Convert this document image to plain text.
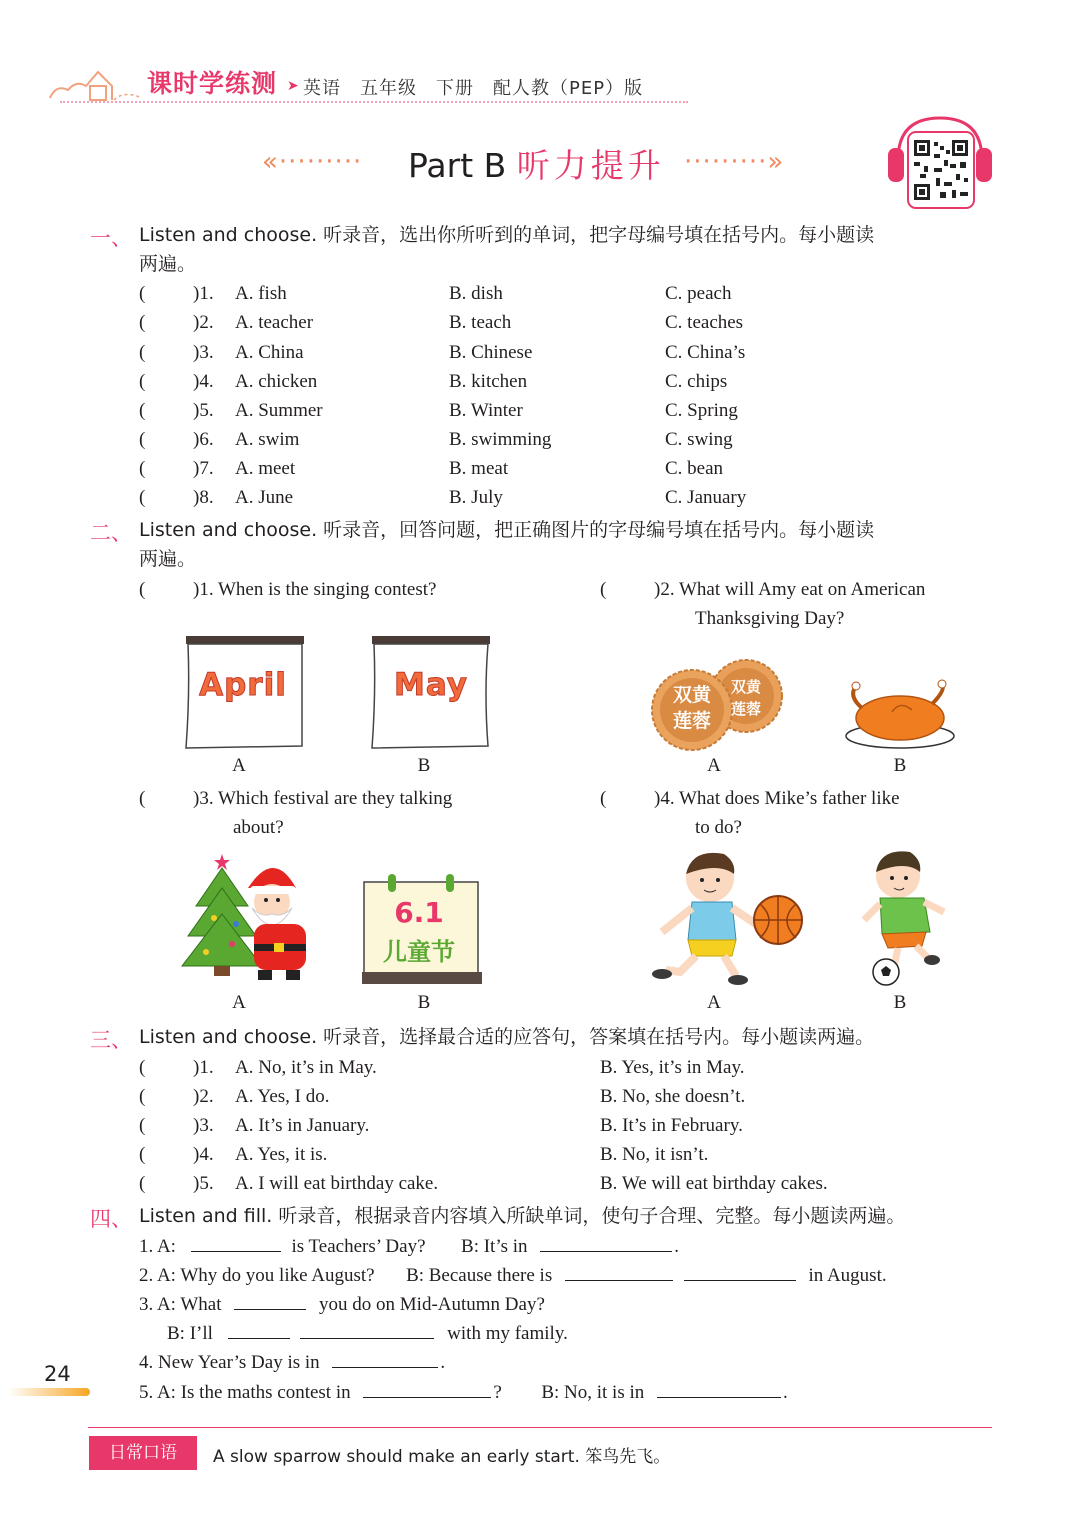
课时学练测 ➤ 英语　五年级　下册　配人教（PEP）版
«········· Part B 听力提升 ·········»
一、 Listen and choose. 听录音，选出你所听到的单词，把字母编号填在括号内。每小题读
两遍。
(	)1. A. fish	B. dish	C. peach
(	)2. A. teacher	B. teach	C. teaches
(	)3. A. China	B. Chinese	C. China’s
(	)4. A. chicken	B. kitchen	C. chips
(	)5. A. Summer	B. Winter	C. Spring
(	)6. A. swim	B. swimming	C. swing
(	)7. A. meet	B. meat	C. bean
(	)8. A. June	B. July	C. January
二、 Listen and choose. 听录音，回答问题，把正确图片的字母编号填在括号内。每小题读
两遍。
(	)1. When is the singing contest?	(	)2. What will Amy eat on American
Thanksgiving Day?
April	May	双黄莲蓉
双黄莲蓉
A	B	A	B
(	)3. Which festival are they talking
about?
(	)4. What does Mike’s father like
to do?
6.1
儿童节
A	B	A	B
三、 Listen and choose. 听录音，选择最合适的应答句，答案填在括号内。每小题读两遍。
(	)1. A. No, it’s in May.	B. Yes, it’s in May.
(	)2. A. Yes, I do.	B. No, she doesn’t.
(	)3. A. It’s in January.	B. It’s in February.
(	)4. A. Yes, it is.	B. No, it isn’t.
(	)5. A. I will eat birthday cake.	B. We will eat birthday cakes.
四、 Listen and fill. 听录音，根据录音内容填入所缺单词，使句子合理、完整。每小题读两遍。
1. A:	is Teachers’ Day? B: It’s in	.
2. A: Why do you like August? B: Because there is	in August.
3. A: What	you do on Mid-Autumn Day?
B: I’ll	with my family.
4. New Year’s Day is in	.
5. A: Is the maths contest in	? B: No, it is in	.
24
日常口语	A slow sparrow should make an early start. 笨鸟先飞。
